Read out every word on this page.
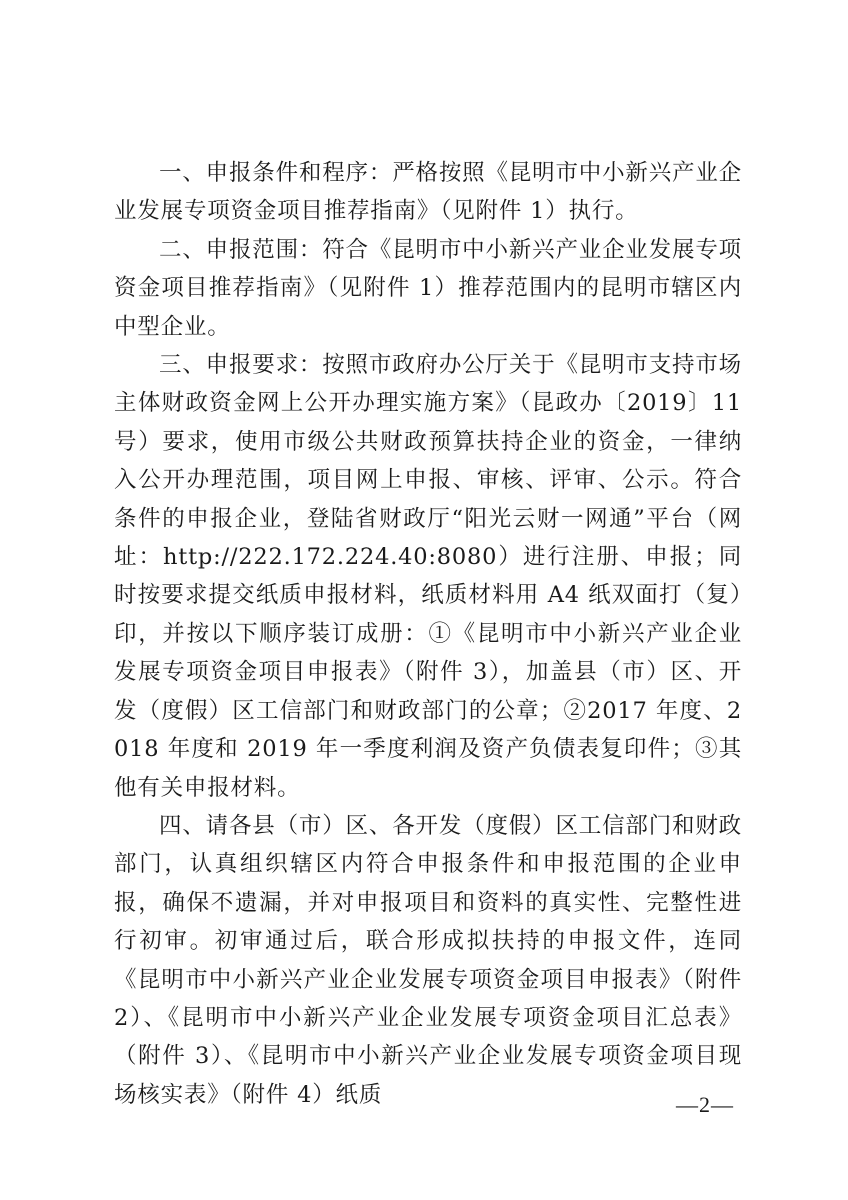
一、申报条件和程序：严格按照《昆明市中小新兴产业企业发展专项资金项目推荐指南》（见附件 1）执行。

二、申报范围：符合《昆明市中小新兴产业企业发展专项资金项目推荐指南》（见附件 1）推荐范围内的昆明市辖区内中型企业。

三、申报要求：按照市政府办公厅关于《昆明市支持市场主体财政资金网上公开办理实施方案》（昆政办〔2019〕11 号）要求，使用市级公共财政预算扶持企业的资金，一律纳入公开办理范围，项目网上申报、审核、评审、公示。符合条件的申报企业，登陆省财政厅“阳光云财一网通”平台（网址：http://222.172.224.40:8080）进行注册、申报；同时按要求提交纸质申报材料，纸质材料用 A4 纸双面打（复）印，并按以下顺序装订成册：①《昆明市中小新兴产业企业发展专项资金项目申报表》（附件 3），加盖县（市）区、开发（度假）区工信部门和财政部门的公章；②2017 年度、2018 年度和 2019 年一季度利润及资产负债表复印件；③其他有关申报材料。

四、请各县（市）区、各开发（度假）区工信部门和财政部门，认真组织辖区内符合申报条件和申报范围的企业申报，确保不遗漏，并对申报项目和资料的真实性、完整性进行初审。初审通过后，联合形成拟扶持的申报文件，连同《昆明市中小新兴产业企业发展专项资金项目申报表》（附件 2）、《昆明市中小新兴产业企业发展专项资金项目汇总表》（附件 3）、《昆明市中小新兴产业企业发展专项资金项目现场核实表》（附件 4）纸质	—2—
